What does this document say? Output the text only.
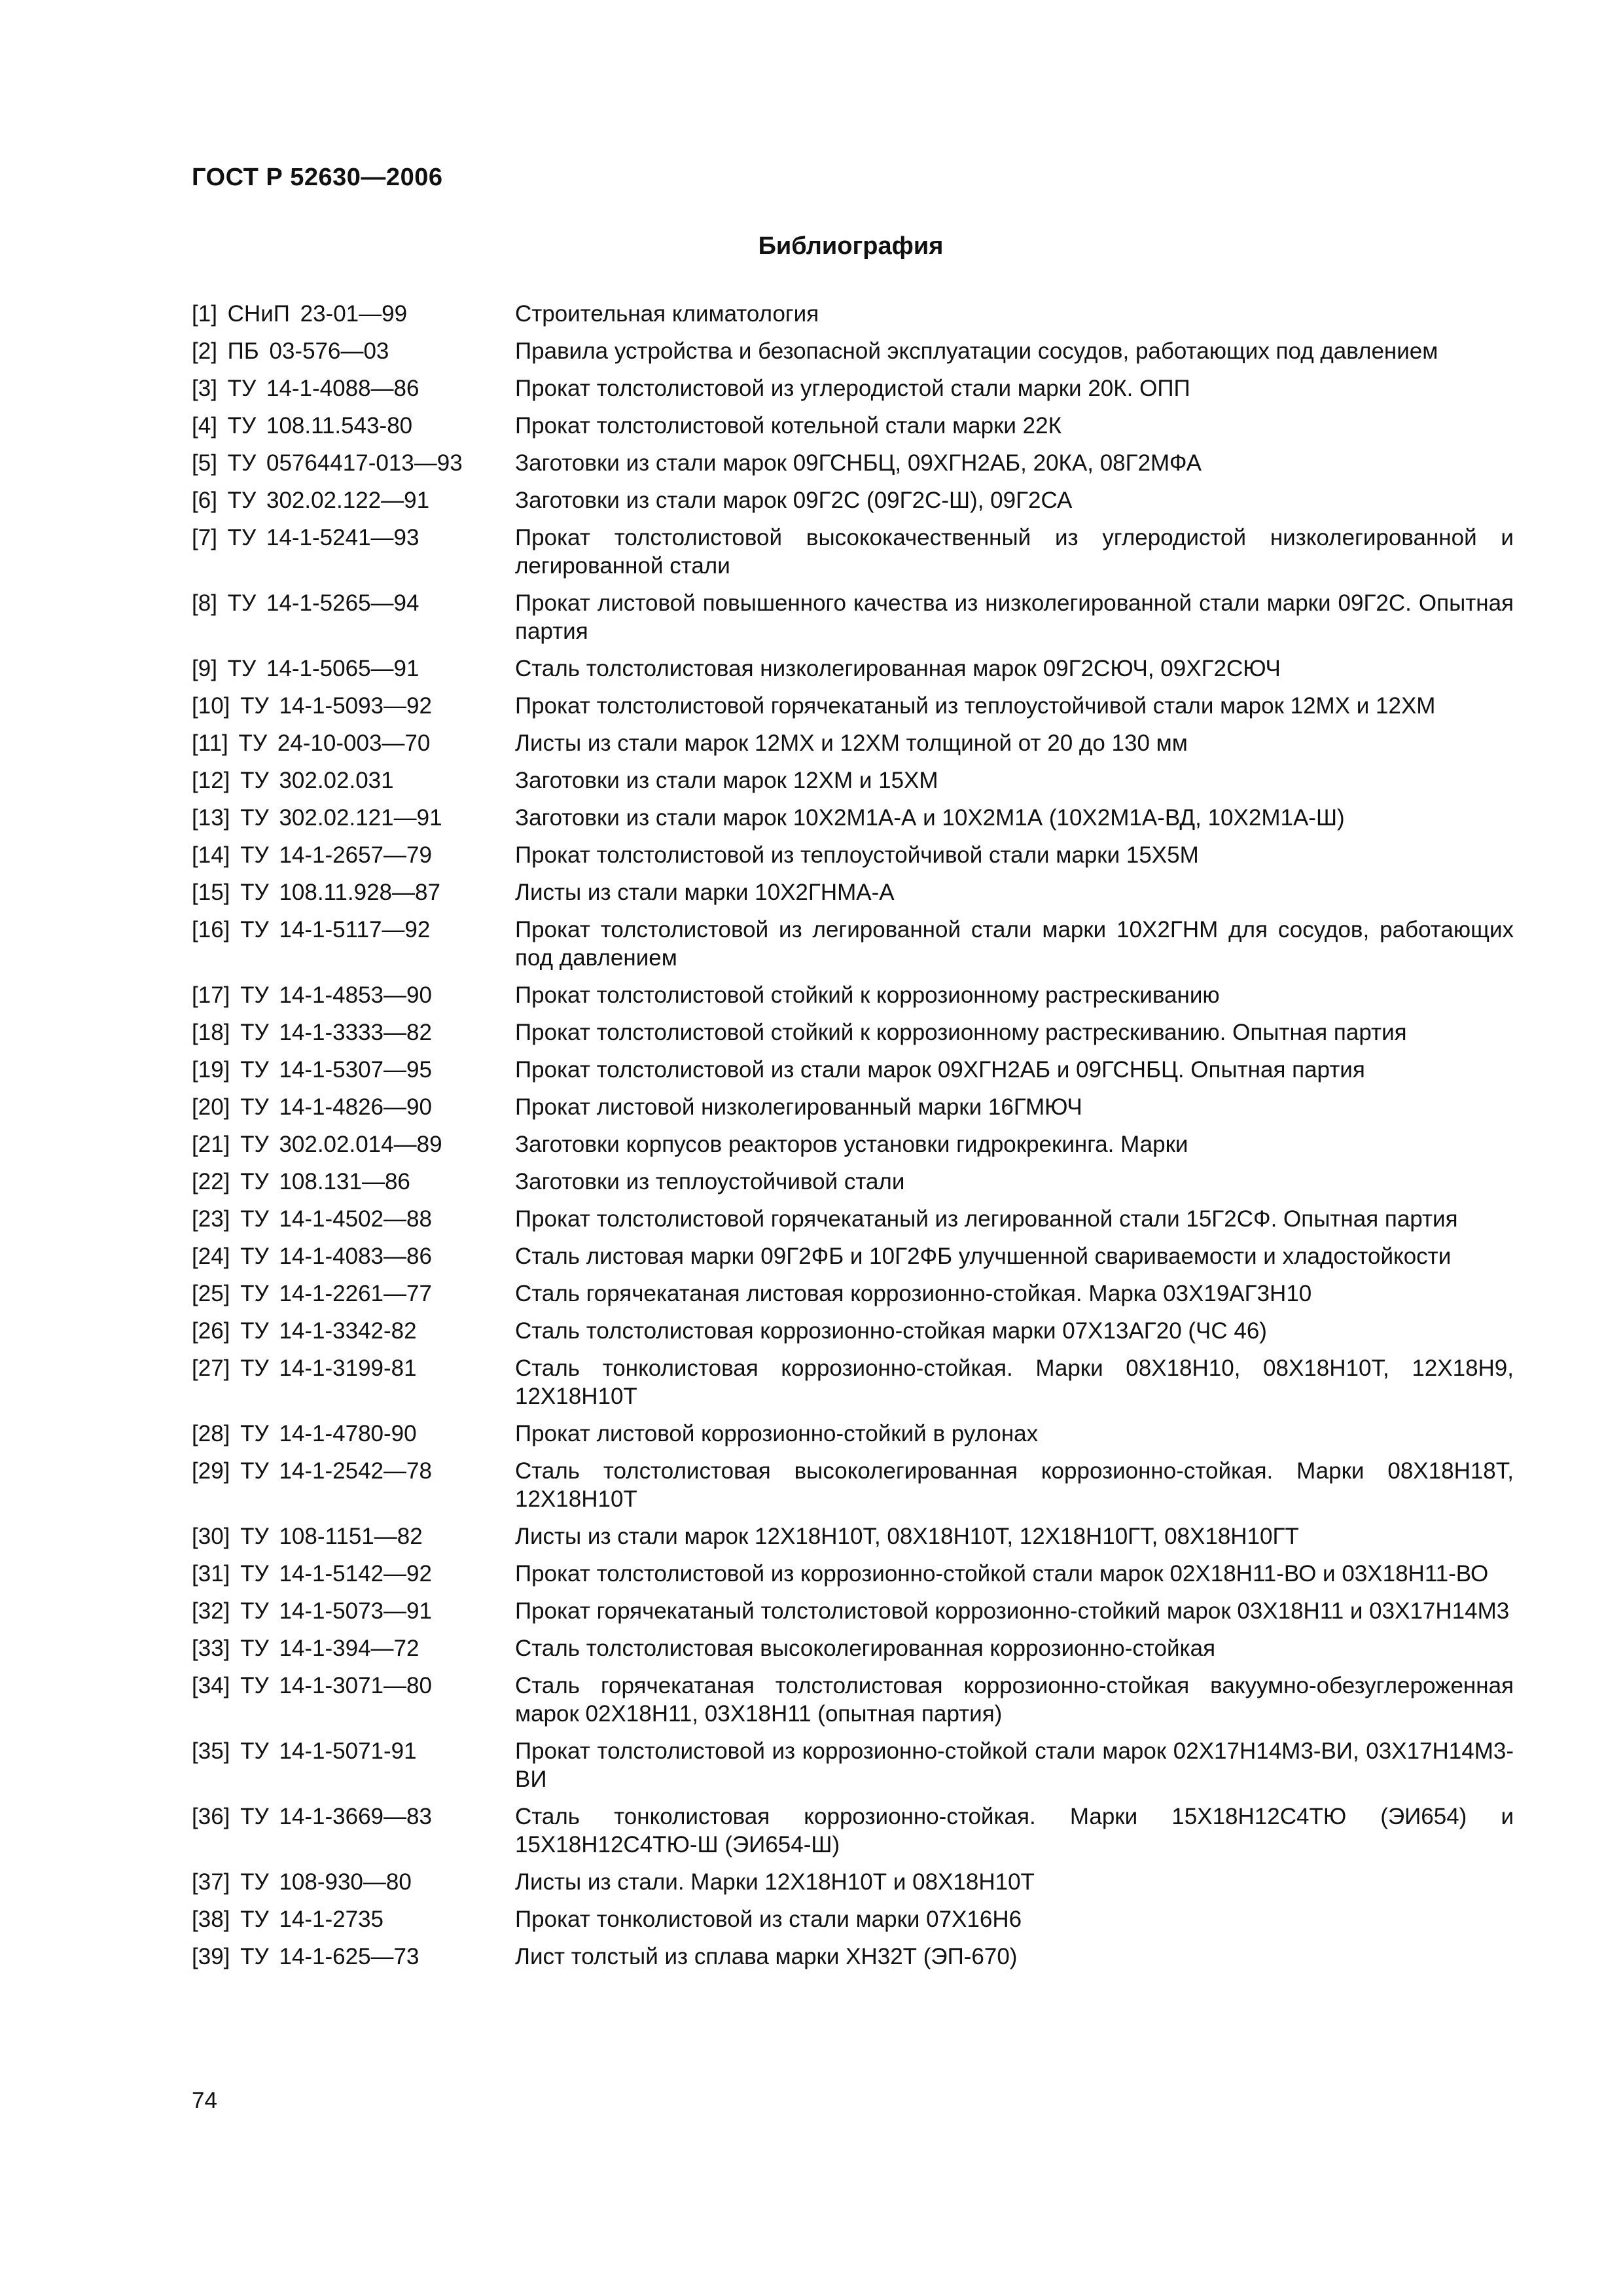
ГОСТ Р 52630—2006
Библиография
[1] СНиП 23-01—99	Строительная климатология
[2] ПБ 03-576—03	Правила устройства и безопасной эксплуатации сосудов, работающих под давлением
[3] ТУ 14-1-4088—86	Прокат толстолистовой из углеродистой стали марки 20К. ОПП
[4] ТУ 108.11.543-80	Прокат толстолистовой котельной стали марки 22К
[5] ТУ 05764417-013—93	Заготовки из стали марок 09ГСНБЦ, 09ХГН2АБ, 20КА, 08Г2МФА
[6] ТУ 302.02.122—91	Заготовки из стали марок 09Г2С (09Г2С-Ш), 09Г2СА
[7] ТУ 14-1-5241—93	Прокат толстолистовой высококачественный из углеродистой низколегированной и легированной стали
[8] ТУ 14-1-5265—94	Прокат листовой повышенного качества из низколегированной стали марки 09Г2С. Опытная партия
[9] ТУ 14-1-5065—91	Сталь толстолистовая низколегированная марок 09Г2СЮЧ, 09ХГ2СЮЧ
[10] ТУ 14-1-5093—92	Прокат толстолистовой горячекатаный из теплоустойчивой стали марок 12МХ и 12ХМ
[11] ТУ 24-10-003—70	Листы из стали марок 12МХ и 12ХМ толщиной от 20 до 130 мм
[12] ТУ 302.02.031	Заготовки из стали марок 12ХМ и 15ХМ
[13] ТУ 302.02.121—91	Заготовки из стали марок 10Х2М1А-А и 10Х2М1А (10Х2М1А-ВД, 10Х2М1А-Ш)
[14] ТУ 14-1-2657—79	Прокат толстолистовой из теплоустойчивой стали марки 15Х5М
[15] ТУ 108.11.928—87	Листы из стали марки 10Х2ГНМА-А
[16] ТУ 14-1-5117—92	Прокат толстолистовой из легированной стали марки 10Х2ГНМ для сосудов, работающих под давлением
[17] ТУ 14-1-4853—90	Прокат толстолистовой стойкий к коррозионному растрескиванию
[18] ТУ 14-1-3333—82	Прокат толстолистовой стойкий к коррозионному растрескиванию. Опытная партия
[19] ТУ 14-1-5307—95	Прокат толстолистовой из стали марок 09ХГН2АБ и 09ГСНБЦ. Опытная партия
[20] ТУ 14-1-4826—90	Прокат листовой низколегированный марки 16ГМЮЧ
[21] ТУ 302.02.014—89	Заготовки корпусов реакторов установки гидрокрекинга. Марки
[22] ТУ 108.131—86	Заготовки из теплоустойчивой стали
[23] ТУ 14-1-4502—88	Прокат толстолистовой горячекатаный из легированной стали 15Г2СФ. Опытная партия
[24] ТУ 14-1-4083—86	Сталь листовая марки 09Г2ФБ и 10Г2ФБ улучшенной свариваемости и хладостойкости
[25] ТУ 14-1-2261—77	Сталь горячекатаная листовая коррозионно-стойкая. Марка 03Х19АГ3Н10
[26] ТУ 14-1-3342-82	Сталь толстолистовая коррозионно-стойкая марки 07Х13АГ20 (ЧС 46)
[27] ТУ 14-1-3199-81	Сталь тонколистовая коррозионно-стойкая. Марки 08Х18Н10, 08Х18Н10Т, 12Х18Н9, 12Х18Н10Т
[28] ТУ 14-1-4780-90	Прокат листовой коррозионно-стойкий в рулонах
[29] ТУ 14-1-2542—78	Сталь толстолистовая высоколегированная коррозионно-стойкая. Марки 08Х18Н18Т, 12Х18Н10Т
[30] ТУ 108-1151—82	Листы из стали марок 12Х18Н10Т, 08Х18Н10Т, 12Х18Н10ГТ, 08Х18Н10ГТ
[31] ТУ 14-1-5142—92	Прокат толстолистовой из коррозионно-стойкой стали марок 02Х18Н11-ВО и 03Х18Н11-ВО
[32] ТУ 14-1-5073—91	Прокат горячекатаный толстолистовой коррозионно-стойкий марок 03Х18Н11 и 03Х17Н14М3
[33] ТУ 14-1-394—72	Сталь толстолистовая высоколегированная коррозионно-стойкая
[34] ТУ 14-1-3071—80	Сталь горячекатаная толстолистовая коррозионно-стойкая вакуумно-обезуглероженная марок 02Х18Н11, 03Х18Н11 (опытная партия)
[35] ТУ 14-1-5071-91	Прокат толстолистовой из коррозионно-стойкой стали марок 02Х17Н14М3-ВИ, 03Х17Н14М3-ВИ
[36] ТУ 14-1-3669—83	Сталь тонколистовая коррозионно-стойкая. Марки 15Х18Н12С4ТЮ (ЭИ654) и 15Х18Н12С4ТЮ-Ш (ЭИ654-Ш)
[37] ТУ 108-930—80	Листы из стали. Марки 12Х18Н10Т и 08Х18Н10Т
[38] ТУ 14-1-2735	Прокат тонколистовой из стали марки 07Х16Н6
[39] ТУ 14-1-625—73	Лист толстый из сплава марки ХН32Т (ЭП-670)
74
